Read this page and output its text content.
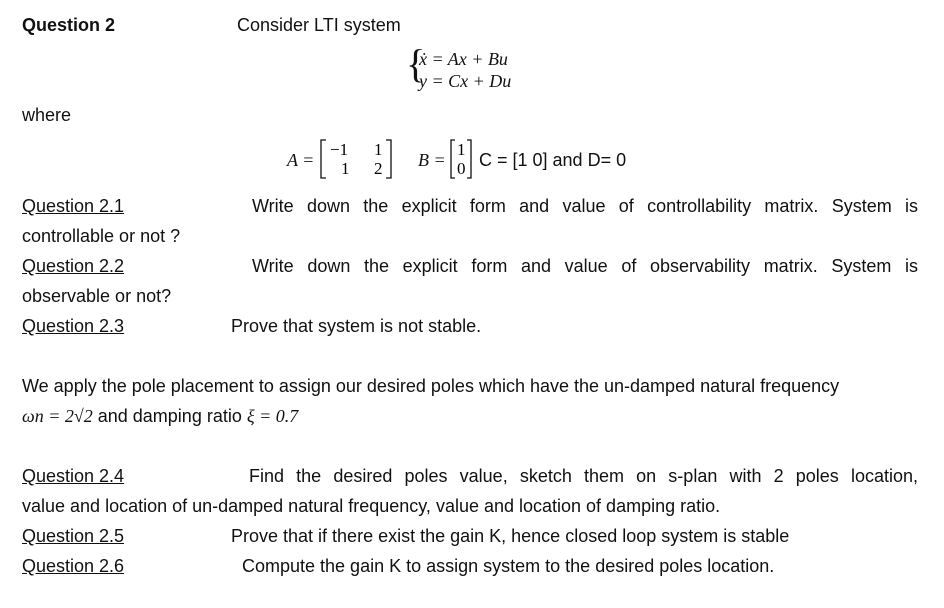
Question 2	Consider LTI system
{
ẋ = Ax + Bu
y = Cx + Du
where
A =
−1 1
1 2 B =
1
0 C = [1 0] and D= 0
Question 2.1	Write down the explicit form and value of controllability matrix. System is
controllable or not ?
Question 2.2	Write down the explicit form and value of observability matrix. System is
observable or not?
Question 2.3	Prove that system is not stable.
We apply the pole placement to assign our desired poles which have the un-damped natural frequency
ωn = 2√2 and damping ratio ξ = 0.7
Question 2.4	Find the desired poles value, sketch them on s-plan with 2 poles location,
value and location of un-damped natural frequency, value and location of damping ratio.
Question 2.5	Prove that if there exist the gain K, hence closed loop system is stable
Question 2.6	Compute the gain K to assign system to the desired poles location.
